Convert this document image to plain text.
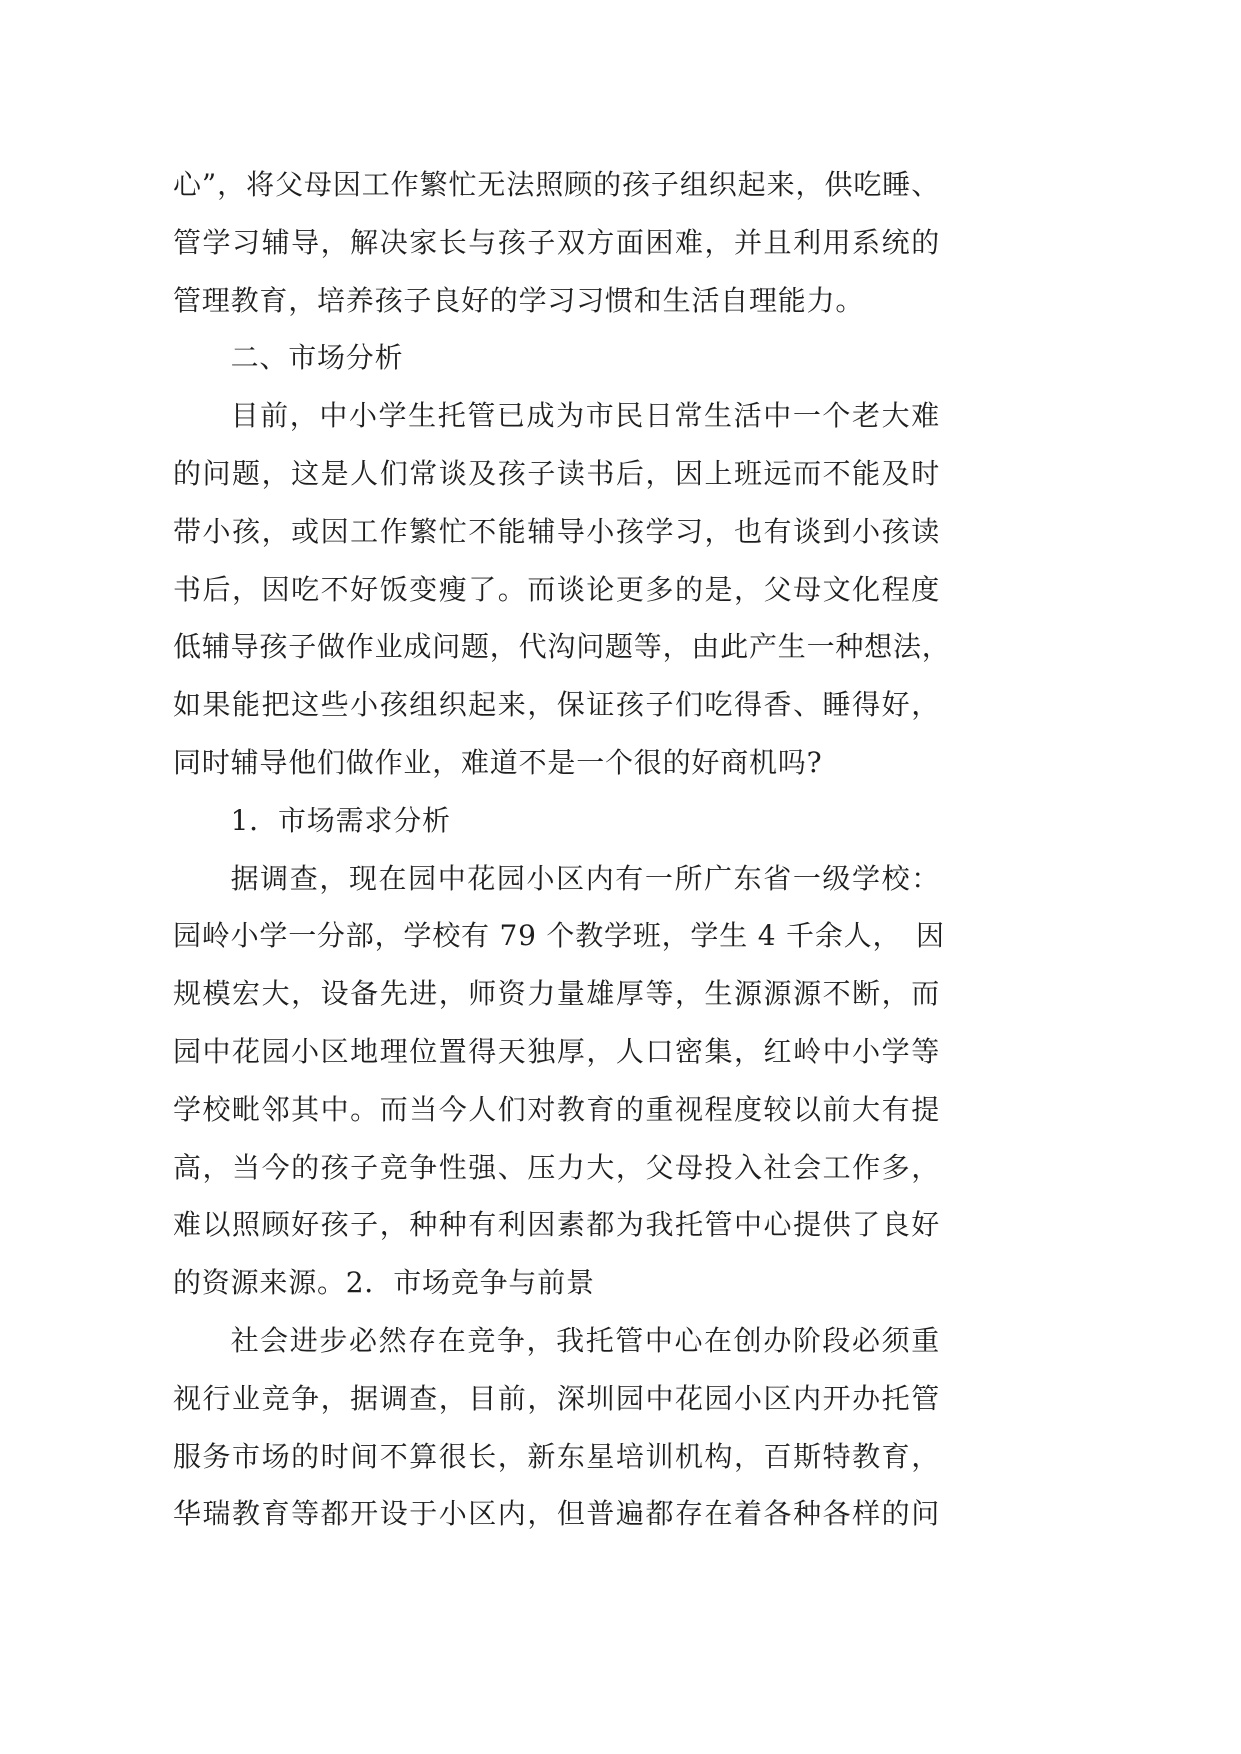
心”，将父母因工作繁忙无法照顾的孩子组织起来，供吃睡、
管学习辅导，解决家长与孩子双方面困难，并且利用系统的
管理教育，培养孩子良好的学习习惯和生活自理能力。
二、市场分析
目前，中小学生托管已成为市民日常生活中一个老大难
的问题，这是人们常谈及孩子读书后，因上班远而不能及时
带小孩，或因工作繁忙不能辅导小孩学习，也有谈到小孩读
书后，因吃不好饭变瘦了。而谈论更多的是，父母文化程度
低辅导孩子做作业成问题，代沟问题等，由此产生一种想法，
如果能把这些小孩组织起来，保证孩子们吃得香、睡得好，
同时辅导他们做作业，难道不是一个很的好商机吗?
1．市场需求分析
据调查，现在园中花园小区内有一所广东省一级学校：
园岭小学一分部，学校有 79 个教学班，学生 4 千余人，　因
规模宏大，设备先进，师资力量雄厚等，生源源源不断，而
园中花园小区地理位置得天独厚，人口密集，红岭中小学等
学校毗邻其中。而当今人们对教育的重视程度较以前大有提
高，当今的孩子竞争性强、压力大，父母投入社会工作多，
难以照顾好孩子，种种有利因素都为我托管中心提供了良好
的资源来源。2．市场竞争与前景
社会进步必然存在竞争，我托管中心在创办阶段必须重
视行业竞争，据调查，目前，深圳园中花园小区内开办托管
服务市场的时间不算很长，新东星培训机构，百斯特教育，
华瑞教育等都开设于小区内，但普遍都存在着各种各样的问
